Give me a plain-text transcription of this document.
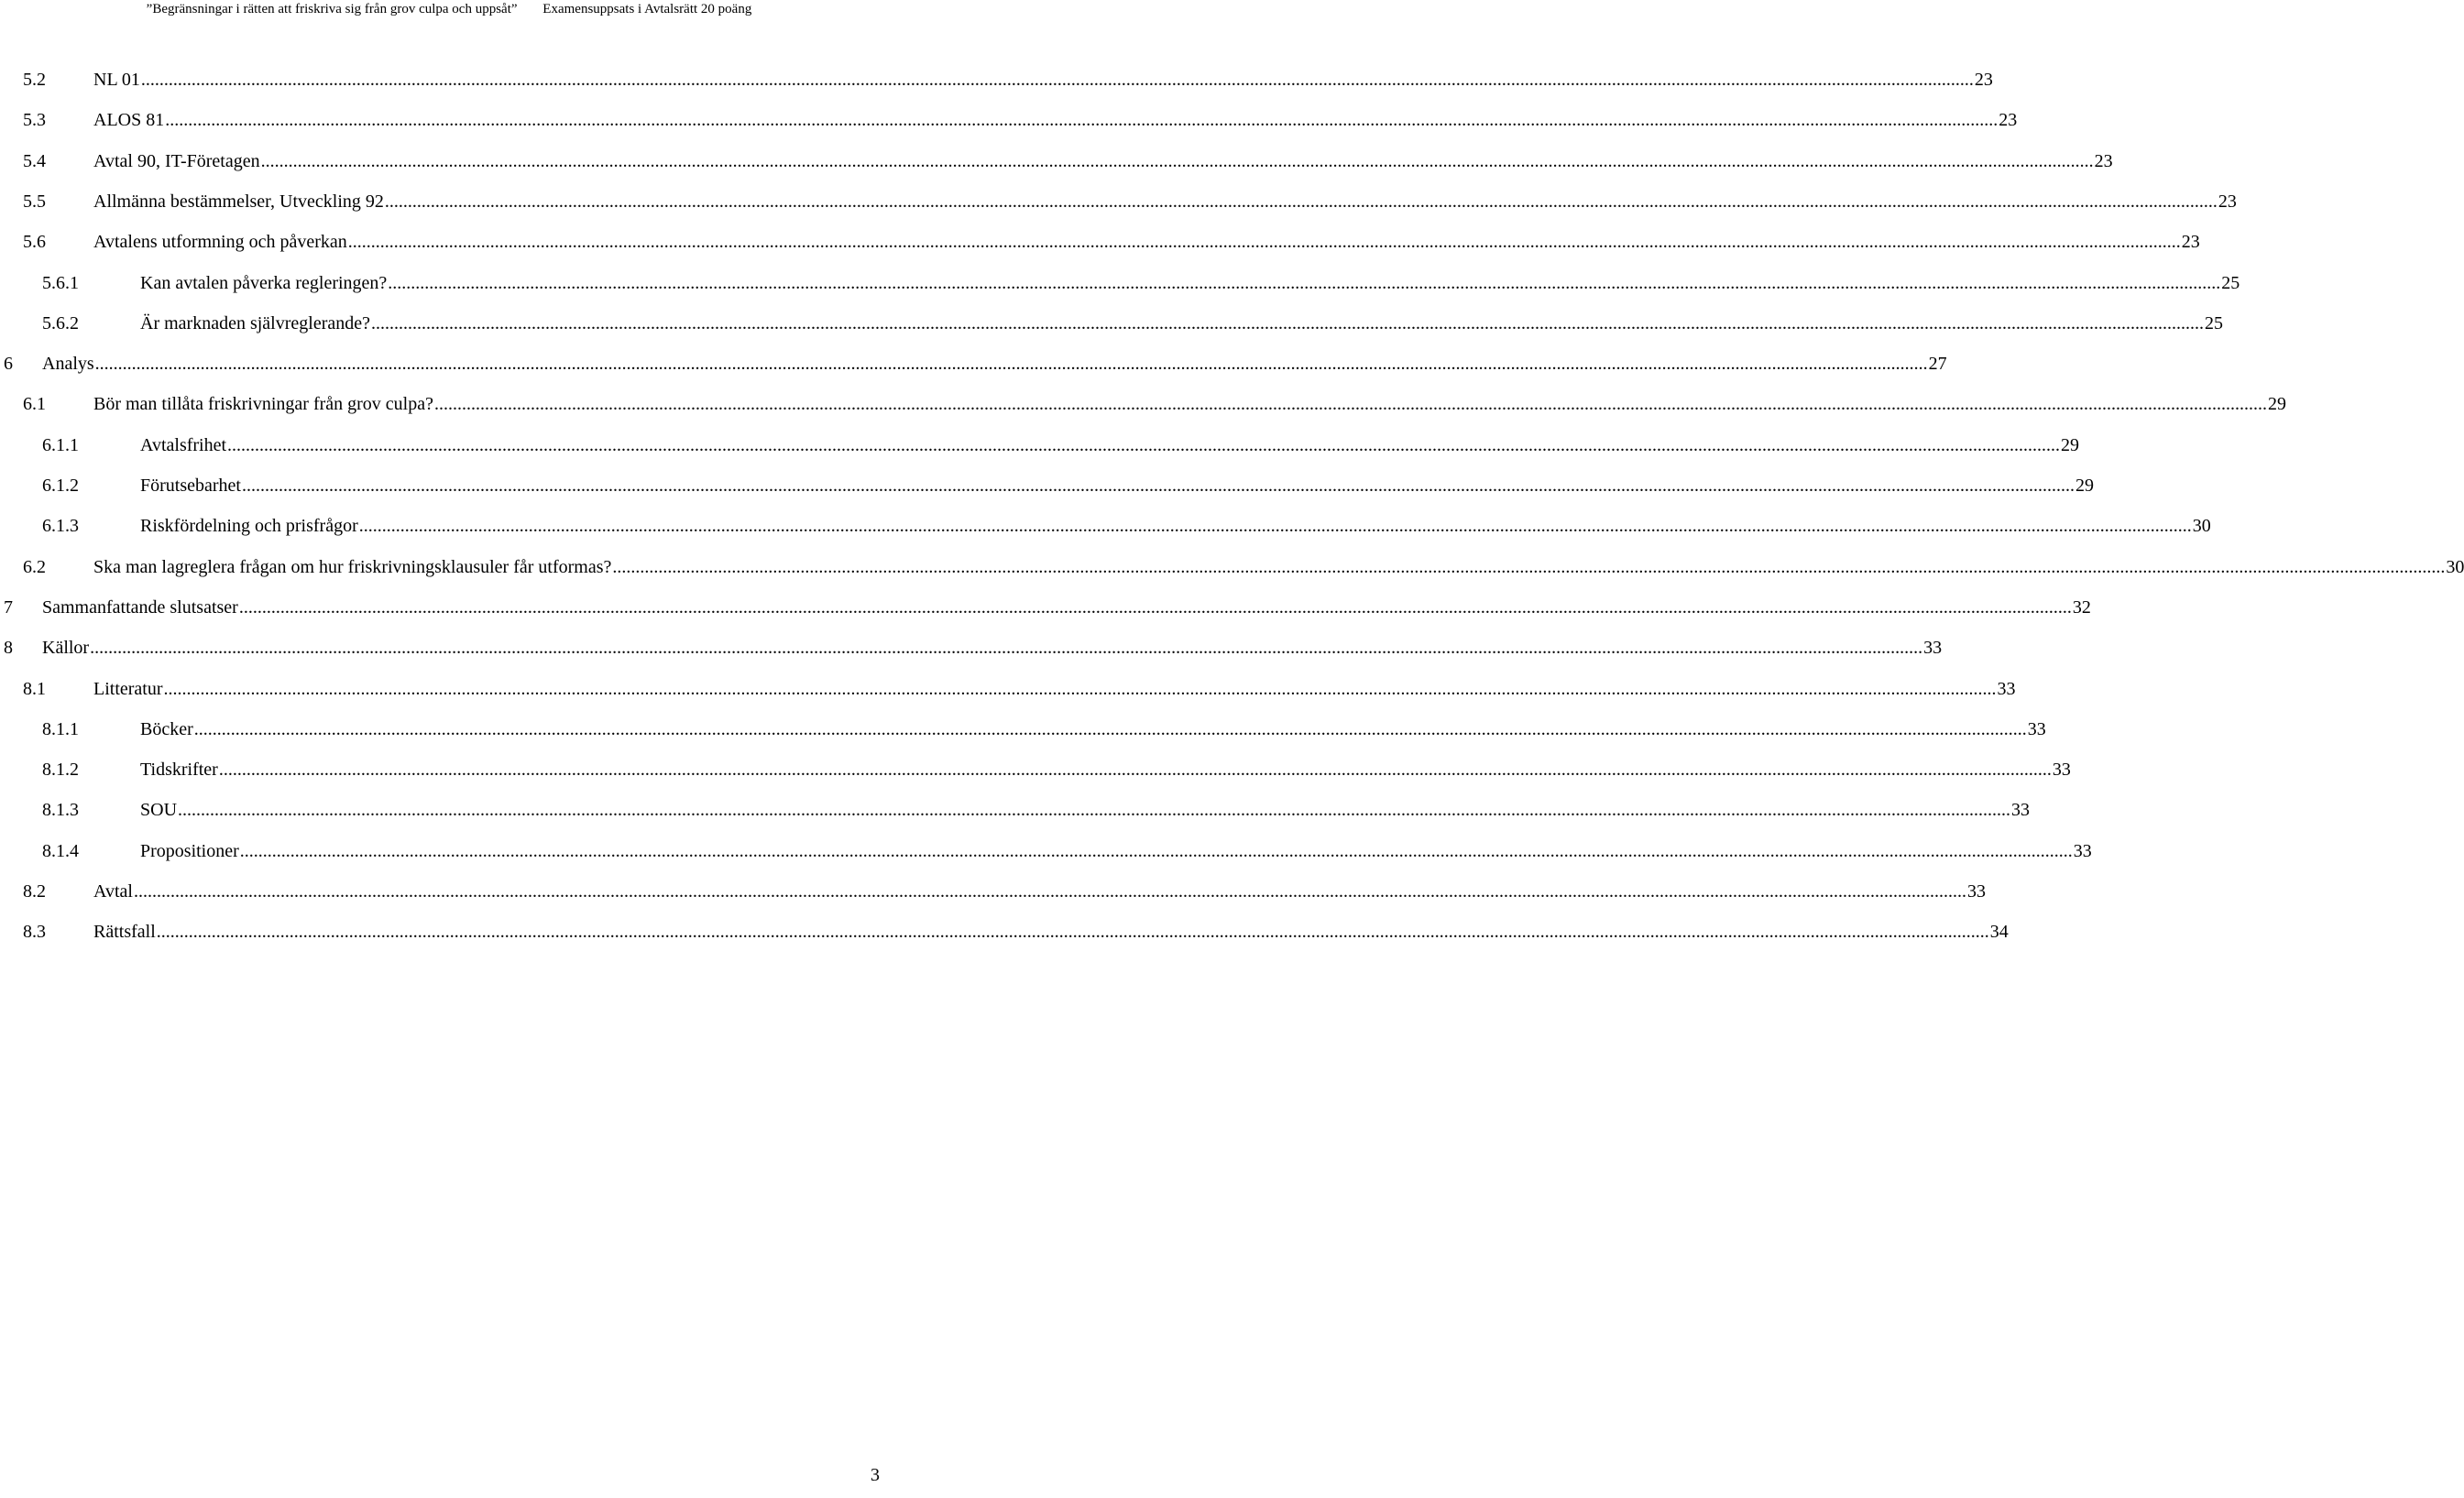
”Begränsningar i rätten att friskriva sig från grov culpa och uppsåt” Examensuppsats i Avtalsrätt 20 poäng
5.2	NL 01 ................................................................................................................................................................................................................................................................................................................................................................................................................ 23
5.3	ALOS 81 ................................................................................................................................................................................................................................................................................................................................................................................................................ 23
5.4	Avtal 90, IT-Företagen ................................................................................................................................................................................................................................................................................................................................................................................................................ 23
5.5	Allmänna bestämmelser, Utveckling 92 ................................................................................................................................................................................................................................................................................................................................................................................................................ 23
5.6	Avtalens utformning och påverkan ................................................................................................................................................................................................................................................................................................................................................................................................................ 23
5.6.1	Kan avtalen påverka regleringen? ................................................................................................................................................................................................................................................................................................................................................................................................................ 25
5.6.2	Är marknaden självreglerande? ................................................................................................................................................................................................................................................................................................................................................................................................................ 25
6 Analys ................................................................................................................................................................................................................................................................................................................................................................................................................ 27
6.1	Bör man tillåta friskrivningar från grov culpa? ................................................................................................................................................................................................................................................................................................................................................................................................................ 29
6.1.1	Avtalsfrihet ................................................................................................................................................................................................................................................................................................................................................................................................................ 29
6.1.2	Förutsebarhet ................................................................................................................................................................................................................................................................................................................................................................................................................ 29
6.1.3	Riskfördelning och prisfrågor ................................................................................................................................................................................................................................................................................................................................................................................................................ 30
6.2	Ska man lagreglera frågan om hur friskrivningsklausuler får utformas? ................................................................................................................................................................................................................................................................................................................................................................................................................ 30
7 Sammanfattande slutsatser ................................................................................................................................................................................................................................................................................................................................................................................................................ 32
8 Källor ................................................................................................................................................................................................................................................................................................................................................................................................................ 33
8.1	Litteratur ................................................................................................................................................................................................................................................................................................................................................................................................................ 33
8.1.1	Böcker ................................................................................................................................................................................................................................................................................................................................................................................................................ 33
8.1.2	Tidskrifter ................................................................................................................................................................................................................................................................................................................................................................................................................ 33
8.1.3	SOU ................................................................................................................................................................................................................................................................................................................................................................................................................ 33
8.1.4	Propositioner ................................................................................................................................................................................................................................................................................................................................................................................................................ 33
8.2	Avtal ................................................................................................................................................................................................................................................................................................................................................................................................................ 33
8.3	Rättsfall ................................................................................................................................................................................................................................................................................................................................................................................................................ 34
3
